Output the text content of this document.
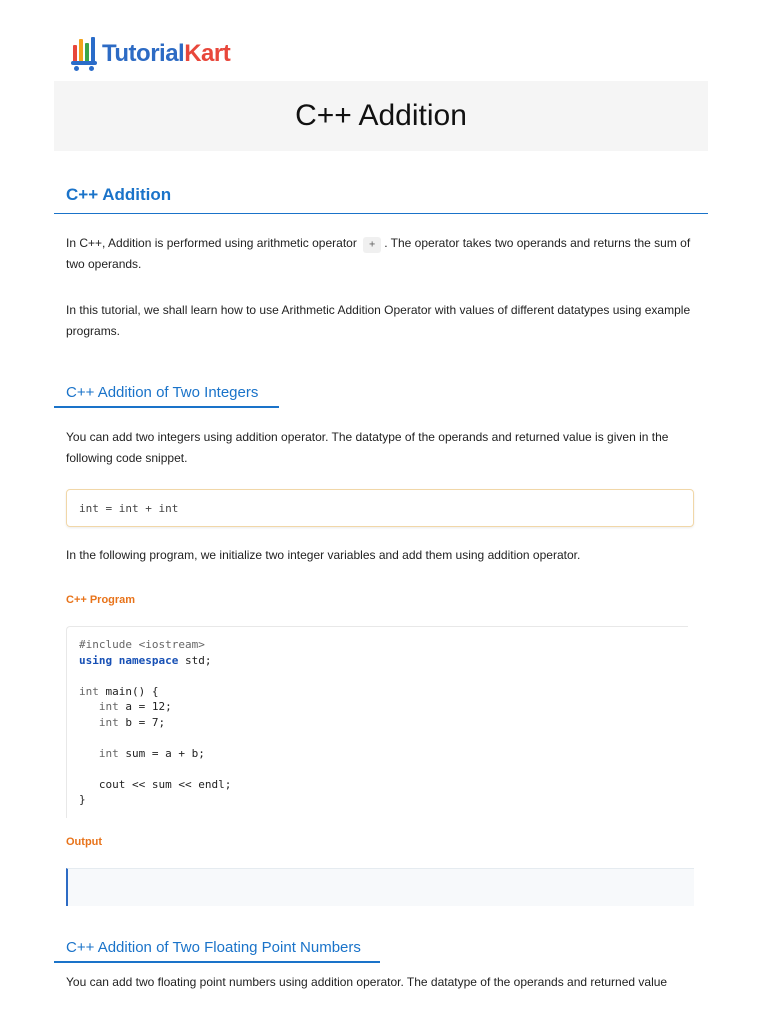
TutorialKart
C++ Addition
C++ Addition

In C++, Addition is performed using arithmetic operator + . The operator takes two operands and returns the sum of two operands.

In this tutorial, we shall learn how to use Arithmetic Addition Operator with values of different datatypes using example programs.

C++ Addition of Two Integers

You can add two integers using addition operator. The datatype of the operands and returned value is given in the following code snippet.

int = int + int

In the following program, we initialize two integer variables and add them using addition operator.

C++ Program
#include <iostream>
using namespace std;

int main() {
int a = 12;
int b = 7;

int sum = a + b;

cout << sum << endl;
}
Output
C++ Addition of Two Floating Point Numbers
You can add two floating point numbers using addition operator. The datatype of the operands and returned value
